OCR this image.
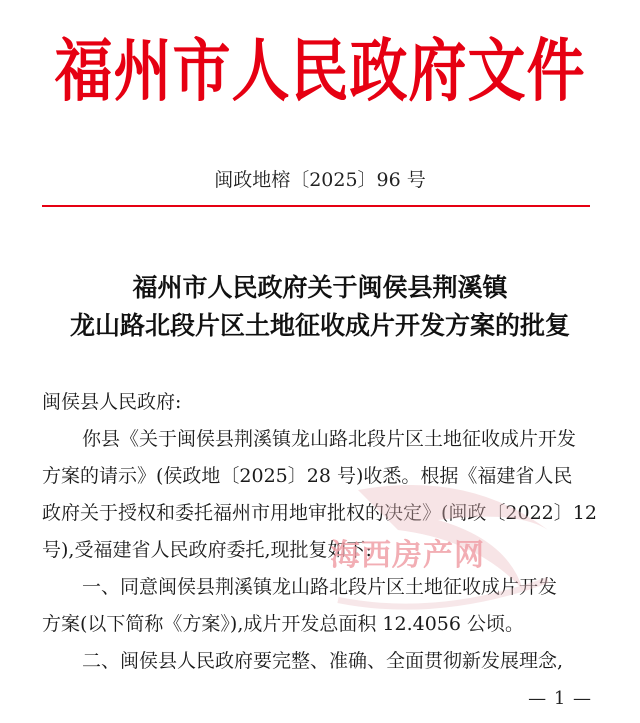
福州市人民政府文件
闽政地榕〔2025〕96 号
福州市人民政府关于闽侯县荆溪镇
龙山路北段片区土地征收成片开发方案的批复

闽侯县人民政府:

你县《关于闽侯县荆溪镇龙山路北段片区土地征收成片开发

方案的请示》(侯政地〔2025〕28 号)收悉。根据《福建省人民

政府关于授权和委托福州市用地审批权的决定》(闽政〔2022〕12

号),受福建省人民政府委托,现批复如下:

一、同意闽侯县荆溪镇龙山路北段片区土地征收成片开发

方案(以下简称《方案》),成片开发总面积 12.4056 公顷。

二、闽侯县人民政府要完整、准确、全面贯彻新发展理念,

海西房产网
— 1 —
